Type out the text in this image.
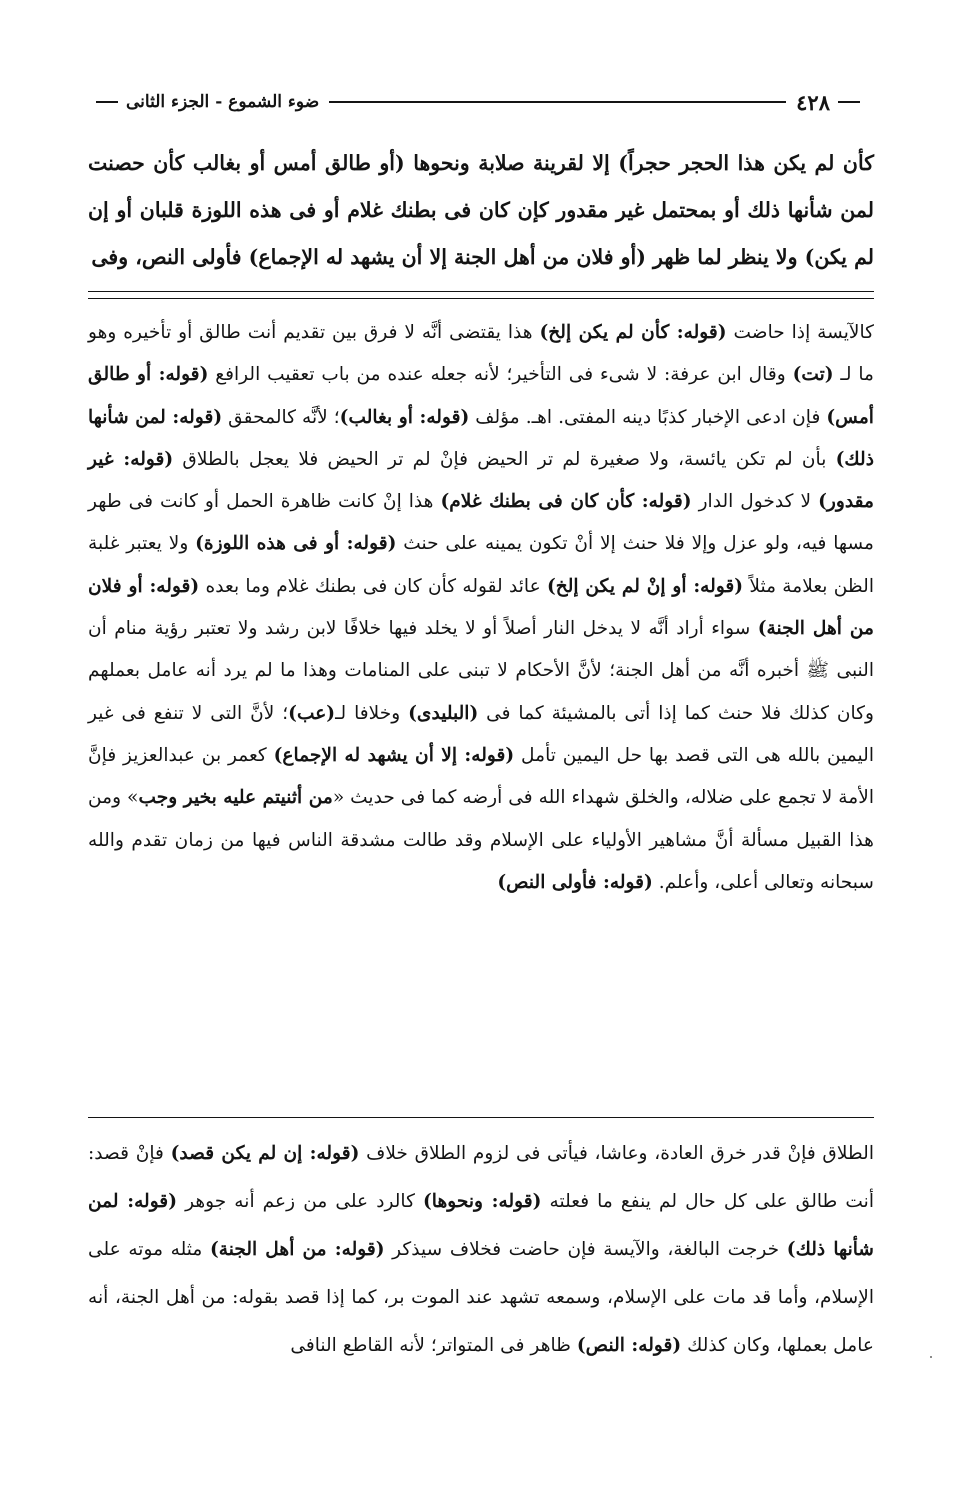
٤٢٨
ضوء الشموع - الجزء الثانى

كأن لم يكن هذا الحجر حجراً) إلا لقرينة صلابة ونحوها (أو طالق أمس أو بغالب كأن حصنت لمن شأنها ذلك أو بمحتمل غير مقدور كإن كان فى بطنك غلام أو فى هذه اللوزة قلبان أو إن لم يكن) ولا ينظر لما ظهر (أو فلان من أهل الجنة إلا أن يشهد له الإجماع) فأولى النص، وفى

كالآيسة إذا حاضت (قوله: كأن لم يكن إلخ) هذا يقتضى أنَّه لا فرق بين تقديم أنت طالق أو تأخيره وهو ما لـ (تت) وقال ابن عرفة: لا شىء فى التأخير؛ لأنه جعله عنده من باب تعقيب الرافع (قوله: أو طالق أمس) فإن ادعى الإخبار كذبًا دينه المفتى. اهـ. مؤلف (قوله: أو بغالب)؛ لأنَّه كالمحقق (قوله: لمن شأنها ذلك) بأن لم تكن يائسة، ولا صغيرة لم تر الحيض فإنْ لم تر الحيض فلا يعجل بالطلاق (قوله: غير مقدور) لا كدخول الدار (قوله: كأن كان فى بطنك غلام) هذا إنْ كانت ظاهرة الحمل أو كانت فى طهر مسها فيه، ولو عزل وإلا فلا حنث إلا أنْ تكون يمينه على حنث (قوله: أو فى هذه اللوزة) ولا يعتبر غلبة الظن بعلامة مثلاً (قوله: أو إنْ لم يكن إلخ) عائد لقوله كأن كان فى بطنك غلام وما بعده (قوله: أو فلان من أهل الجنة) سواء أراد أنَّه لا يدخل النار أصلاً أو لا يخلد فيها خلافًا لابن رشد ولا تعتبر رؤية منام أن النبى ﷺ أخبره أنَّه من أهل الجنة؛ لأنَّ الأحكام لا تبنى على المنامات وهذا ما لم يرد أنه عامل بعملهم وكان كذلك فلا حنث كما إذا أتى بالمشيئة كما فى (البليدى) وخلافا لـ(عب)؛ لأنَّ التى لا تنفع فى غير اليمين بالله هى التى قصد بها حل اليمين تأمل (قوله: إلا أن يشهد له الإجماع) كعمر بن عبدالعزيز فإنَّ الأمة لا تجمع على ضلاله، والخلق شهداء الله فى أرضه كما فى حديث «من أثنيتم عليه بخير وجب» ومن هذا القبيل مسألة أنَّ مشاهير الأولياء على الإسلام وقد طالت مشدقة الناس فيها من زمان تقدم والله سبحانه وتعالى أعلى، وأعلم. (قوله: فأولى النص)

الطلاق فإنْ قدر خرق العادة، وعاشا، فيأتى فى لزوم الطلاق خلاف (قوله: إن لم يكن قصد) فإنْ قصد: أنت طالق على كل حال لم ينفع ما فعلته (قوله: ونحوها) كالرد على من زعم أنه جوهر (قوله: لمن شأنها ذلك) خرجت البالغة، والآيسة فإن حاضت فخلاف سيذكر (قوله: من أهل الجنة) مثله موته على الإسلام، وأما قد مات على الإسلام، وسمعه تشهد عند الموت بر، كما إذا قصد بقوله: من أهل الجنة، أنه عامل بعملها، وكان كذلك (قوله: النص) ظاهر فى المتواتر؛ لأنه القاطع النافى
